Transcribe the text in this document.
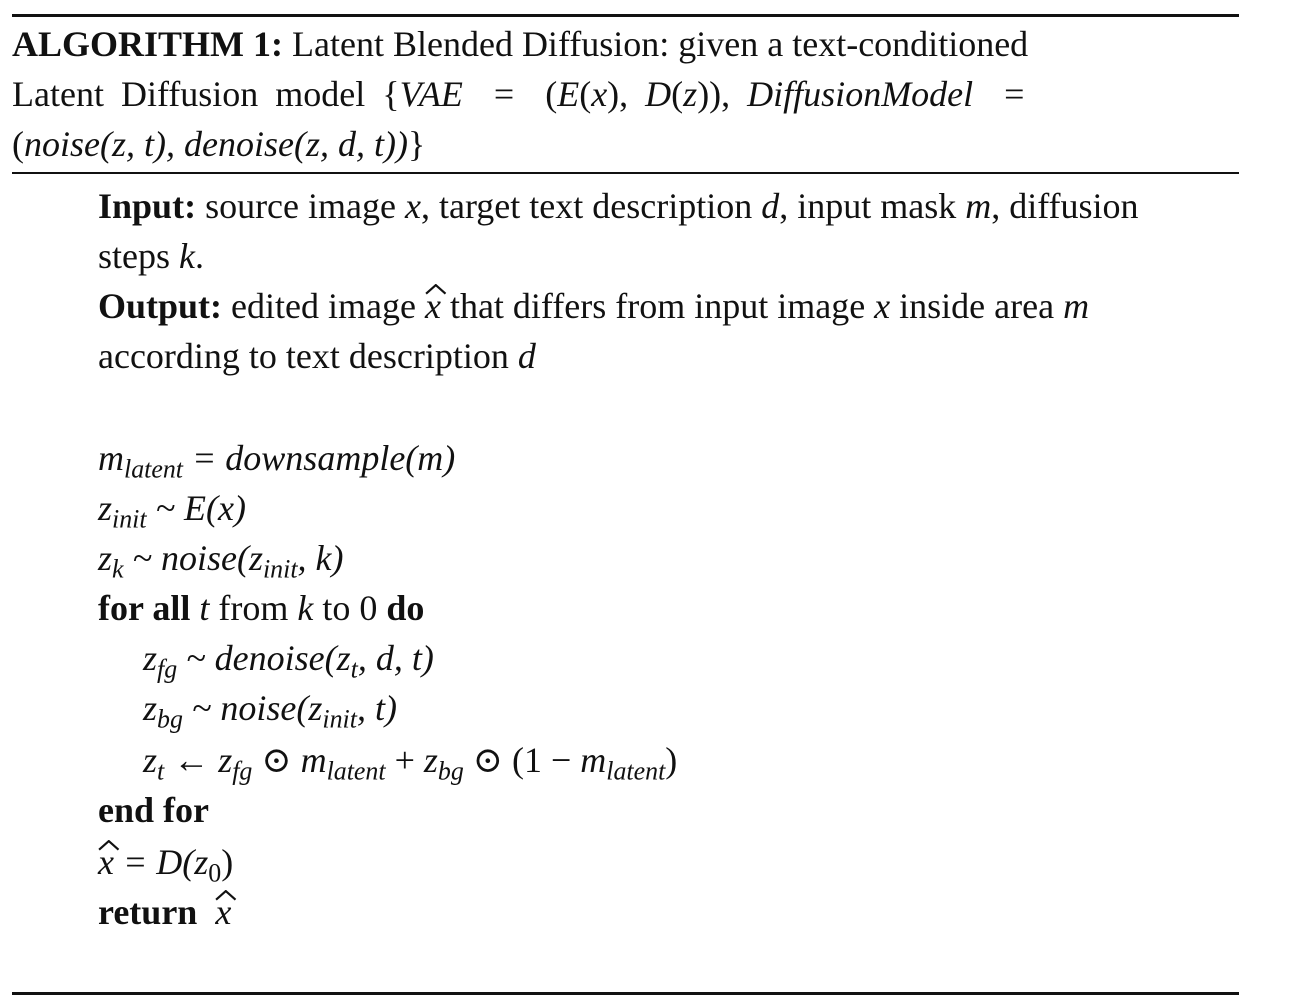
ALGORITHM 1: Latent Blended Diffusion: given a text-conditioned
Latent Diffusion model {VAE = (E(x), D(z)), DiffusionModel =
(noise(z, t), denoise(z, d, t))}
Input: source image x, target text description d, input mask m, diffusion
steps k.
Output: edited image
x that differs from input image x inside area m
according to text description d
$m_{latent}$ = downsample(m)
$z_{init}$ ~ E(x)
$z_k$ ~ $noise(z_{init}$, k)
for all t from k to 0 do
$z_{fg}$ ~ $denoise(z_t$, d, t)
$z_{bg}$ ~ $noise(z_{init}$, t)
$z_t$ ← $z_{fg}$ ⊙ $m_{latent} + z_{bg}$ ⊙ $(1 - m_{latent})$
end for
$x = D(z_0)$
return x
